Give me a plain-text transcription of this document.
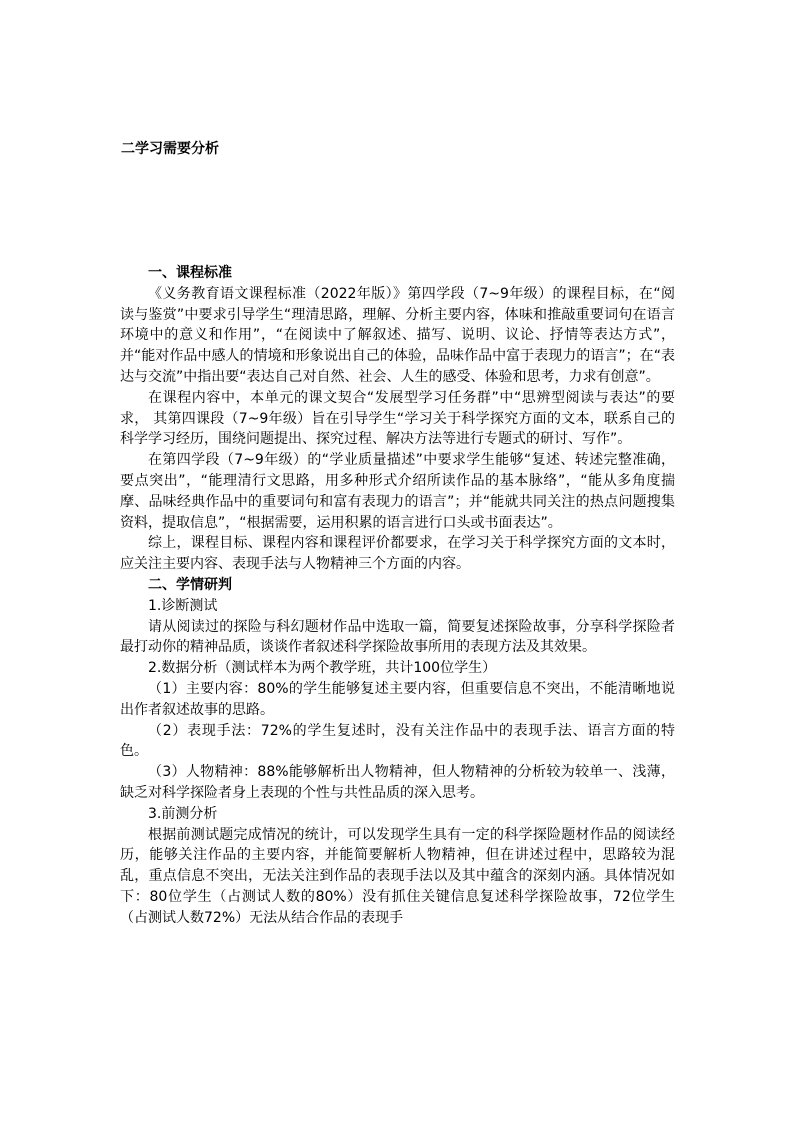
二学习需要分析

一、课程标准

《义务教育语文课程标准（2022年版）》第四学段（7~9年级）的课程目标，在“阅读与鉴赏”中要求引导学生“理清思路，理解、分析主要内容，体味和推敲重要词句在语言环境中的意义和作用”，“在阅读中了解叙述、描写、说明、议论、抒情等表达方式”，并“能对作品中感人的情境和形象说出自己的体验，品味作品中富于表现力的语言”；在“表达与交流”中指出要“表达自己对自然、社会、人生的感受、体验和思考，力求有创意”。

在课程内容中，本单元的课文契合“发展型学习任务群”中“思辨型阅读与表达”的要求， 其第四课段（7~9年级）旨在引导学生“学习关于科学探究方面的文本，联系自己的科学学习经历，围绕问题提出、探究过程、解决方法等进行专题式的研讨、写作”。

在第四学段（7~9年级）的“学业质量描述”中要求学生能够“复述、转述完整准确，要点突出”，“能理清行文思路，用多种形式介绍所读作品的基本脉络”，“能从多角度揣摩、品味经典作品中的重要词句和富有表现力的语言”；并“能就共同关注的热点问题搜集资料，提取信息”，“根据需要，运用积累的语言进行口头或书面表达”。

综上，课程目标、课程内容和课程评价都要求，在学习关于科学探究方面的文本时，应关注主要内容、表现手法与人物精神三个方面的内容。

二、学情研判

1.诊断测试

请从阅读过的探险与科幻题材作品中选取一篇，简要复述探险故事，分享科学探险者最打动你的精神品质，谈谈作者叙述科学探险故事所用的表现方法及其效果。

2.数据分析（测试样本为两个教学班，共计100位学生）

（1）主要内容：80%的学生能够复述主要内容，但重要信息不突出，不能清晰地说出作者叙述故事的思路。

（2）表现手法：72%的学生复述时，没有关注作品中的表现手法、语言方面的特色。

（3）人物精神：88%能够解析出人物精神，但人物精神的分析较为较单一、浅薄，缺乏对科学探险者身上表现的个性与共性品质的深入思考。

3.前测分析

根据前测试题完成情况的统计，可以发现学生具有一定的科学探险题材作品的阅读经历，能够关注作品的主要内容，并能简要解析人物精神，但在讲述过程中，思路较为混乱，重点信息不突出，无法关注到作品的表现手法以及其中蕴含的深刻内涵。具体情况如下：80位学生（占测试人数的80%）没有抓住关键信息复述科学探险故事，72位学生（占测试人数72%）无法从结合作品的表现手
